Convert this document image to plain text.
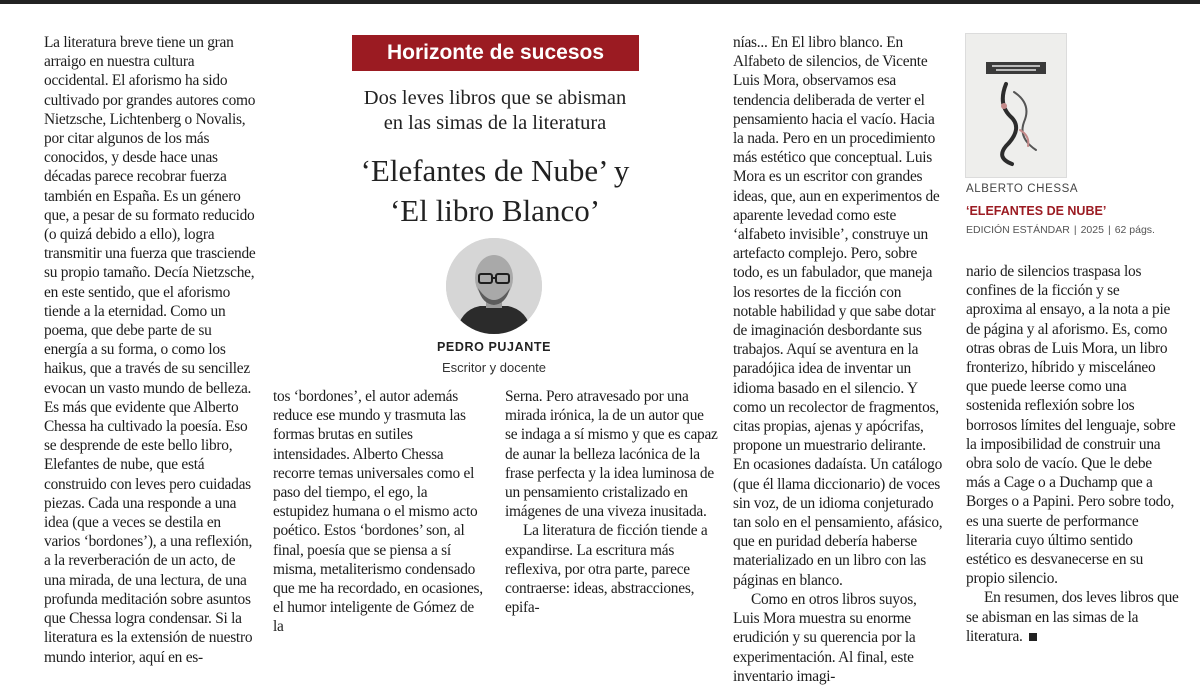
La literatura breve tiene un gran arraigo en nuestra cultura occidental. El aforismo ha sido cultivado por grandes autores como Nietzsche, Lichtenberg o Novalis, por citar algunos de los más conocidos, y desde hace unas décadas parece recobrar fuerza también en España. Es un género que, a pesar de su formato reducido (o quizá debido a ello), logra transmitir una fuerza que trasciende su propio tamaño. Decía Nietzsche, en este sentido, que el aforismo tiende a la eternidad. Como un poema, que debe parte de su energía a su forma, o como los haikus, que a través de su sencillez evocan un vasto mundo de belleza. Es más que evidente que Alberto Chessa ha cultivado la poesía. Eso se desprende de este bello libro, Elefantes de nube, que está construido con leves pero cuidadas piezas. Cada una responde a una idea (que a veces se destila en varios ‘bordones’), a una reflexión, a la reverberación de un acto, de una mirada, de una lectura, de una profunda meditación sobre asuntos que Chessa logra condensar. Si la literatura es la extensión de nuestro mundo interior, aquí en es-

Horizonte de sucesos
Dos leves libros que se abisman
en las simas de la literatura
‘Elefantes de Nube’ y
‘El libro Blanco’
PEDRO PUJANTE
Escritor y docente

tos ‘bordones’, el autor además reduce ese mundo y trasmuta las formas brutas en sutiles intensidades. Alberto Chessa recorre temas universales como el paso del tiempo, el ego, la estupidez humana o el mismo acto poético. Estos ‘bordones’ son, al final, poesía que se piensa a sí misma, metaliterismo condensado que me ha recordado, en ocasiones, el humor inteligente de Gómez de la

Serna. Pero atravesado por una mirada irónica, la de un autor que se indaga a sí mismo y que es capaz de aunar la belleza lacónica de la frase perfecta y la idea luminosa de un pensamiento cristalizado en imágenes de una viveza inusitada.

La literatura de ficción tiende a expandirse. La escritura más reflexiva, por otra parte, parece contraerse: ideas, abstracciones, epifa-

nías... En El libro blanco. En Alfabeto de silencios, de Vicente Luis Mora, observamos esa tendencia deliberada de verter el pensamiento hacia el vacío. Hacia la nada. Pero en un procedimiento más estético que conceptual. Luis Mora es un escritor con grandes ideas, que, aun en experimentos de aparente levedad como este ‘alfabeto invisible’, construye un artefacto complejo. Pero, sobre todo, es un fabulador, que maneja los resortes de la ficción con notable habilidad y que sabe dotar de imaginación desbordante sus trabajos. Aquí se aventura en la paradójica idea de inventar un idioma basado en el silencio. Y como un recolector de fragmentos, citas propias, ajenas y apócrifas, propone un muestrario delirante. En ocasiones dadaísta. Un catálogo (que él llama diccionario) de voces sin voz, de un idioma conjeturado tan solo en el pensamiento, afásico, que en puridad debería haberse materializado en un libro con las páginas en blanco.

Como en otros libros suyos, Luis Mora muestra su enorme erudición y su querencia por la experimentación. Al final, este inventario imagi-

ALBERTO CHESSA
‘ELEFANTES DE NUBE’
EDICIÓN ESTÁNDAR | 2025 | 62 págs.

nario de silencios traspasa los confines de la ficción y se aproxima al ensayo, a la nota a pie de página y al aforismo. Es, como otras obras de Luis Mora, un libro fronterizo, híbrido y misceláneo que puede leerse como una sostenida reflexión sobre los borrosos límites del lenguaje, sobre la imposibilidad de construir una obra solo de vacío. Que le debe más a Cage o a Duchamp que a Borges o a Papini. Pero sobre todo, es una suerte de performance literaria cuyo último sentido estético es desvanecerse en su propio silencio.

En resumen, dos leves libros que se abisman en las simas de la literatura.
